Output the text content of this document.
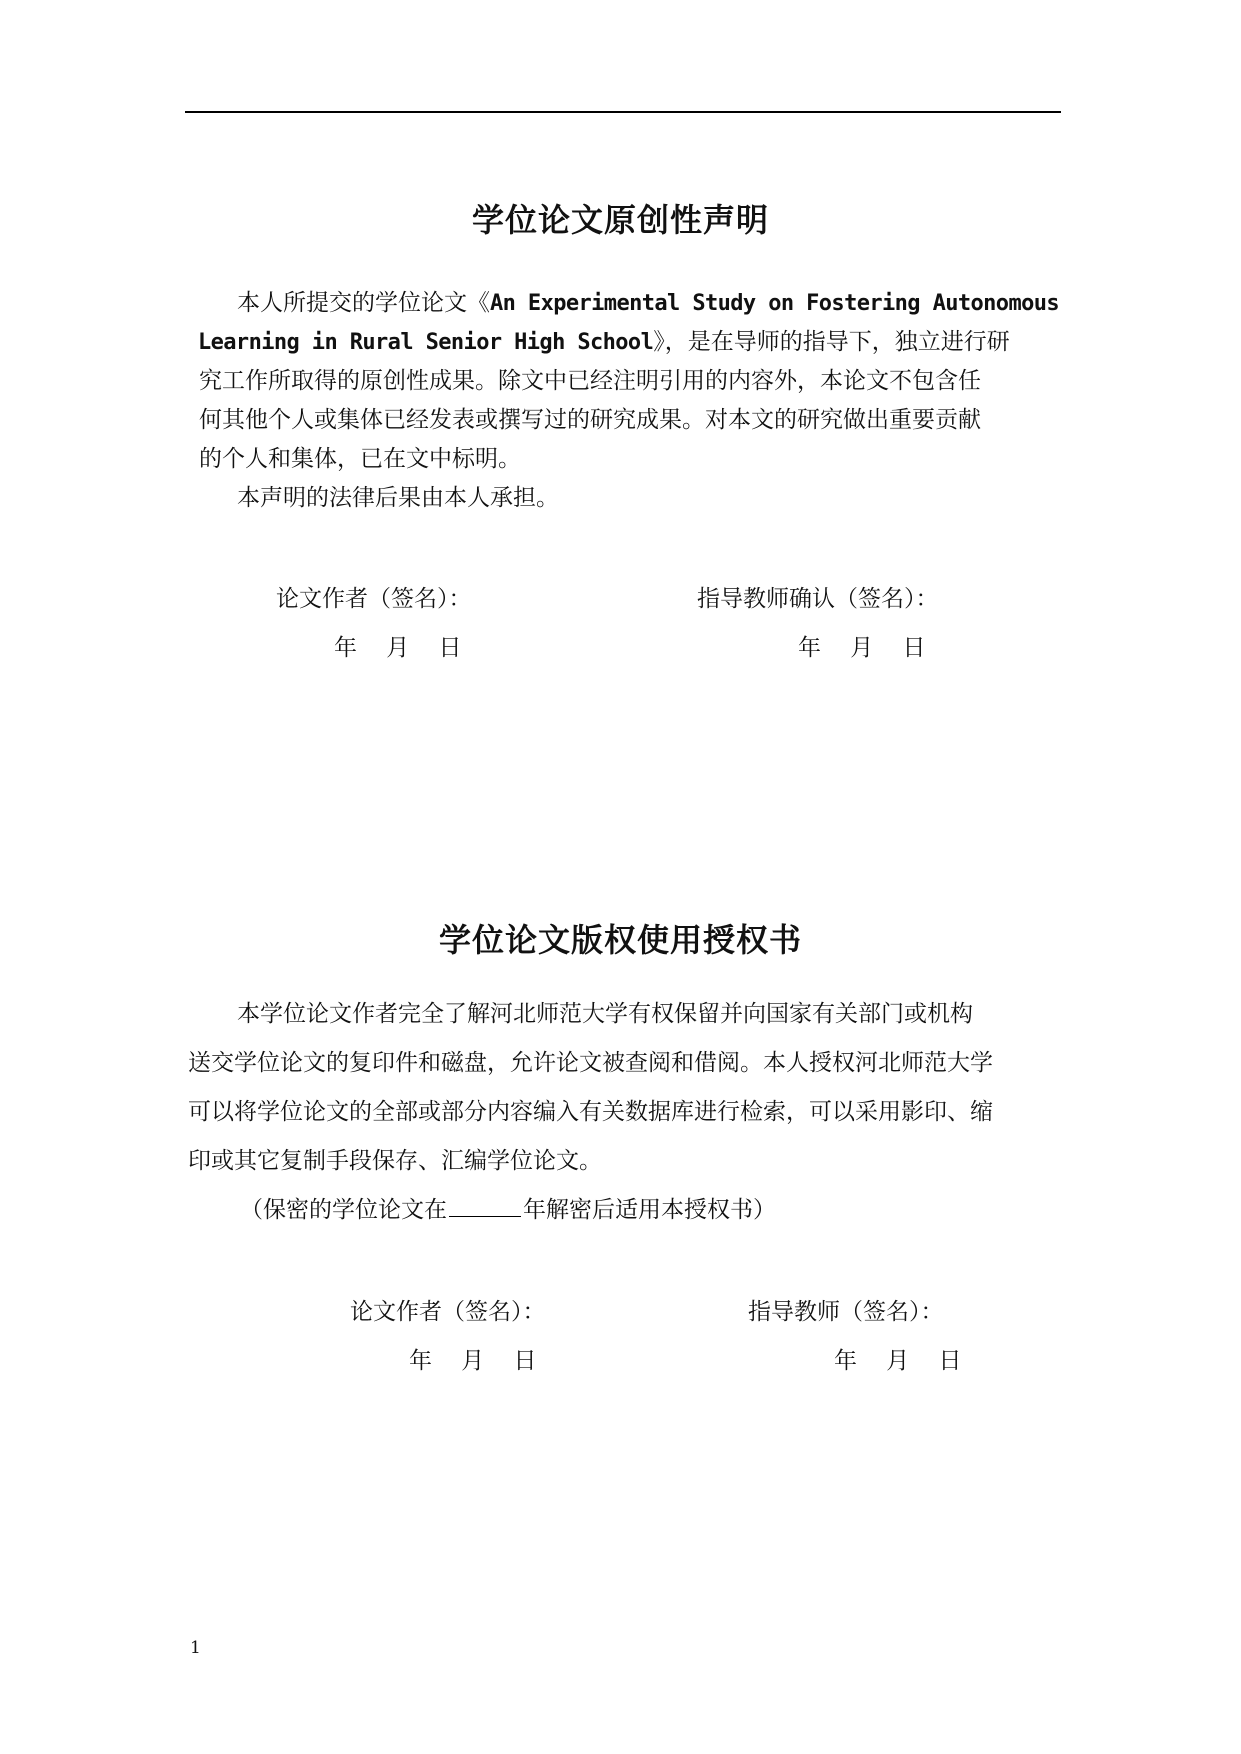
学位论文原创性声明
本人所提交的学位论文《An Experimental Study on Fostering Autonomous
Learning in Rural Senior High School》，是在导师的指导下，独立进行研
究工作所取得的原创性成果。除文中已经注明引用的内容外，本论文不包含任
何其他个人或集体已经发表或撰写过的研究成果。对本文的研究做出重要贡献
的个人和集体，已在文中标明。
本声明的法律后果由本人承担。
论文作者（签名）：	指导教师确认（签名）：
年    月    日	年    月    日
学位论文版权使用授权书
本学位论文作者完全了解河北师范大学有权保留并向国家有关部门或机构
送交学位论文的复印件和磁盘，允许论文被查阅和借阅。本人授权河北师范大学
可以将学位论文的全部或部分内容编入有关数据库进行检索，可以采用影印、缩
印或其它复制手段保存、汇编学位论文。
（保密的学位论文在	年解密后适用本授权书）
论文作者（签名）：	指导教师（签名）：
年    月    日	年    月    日
1
